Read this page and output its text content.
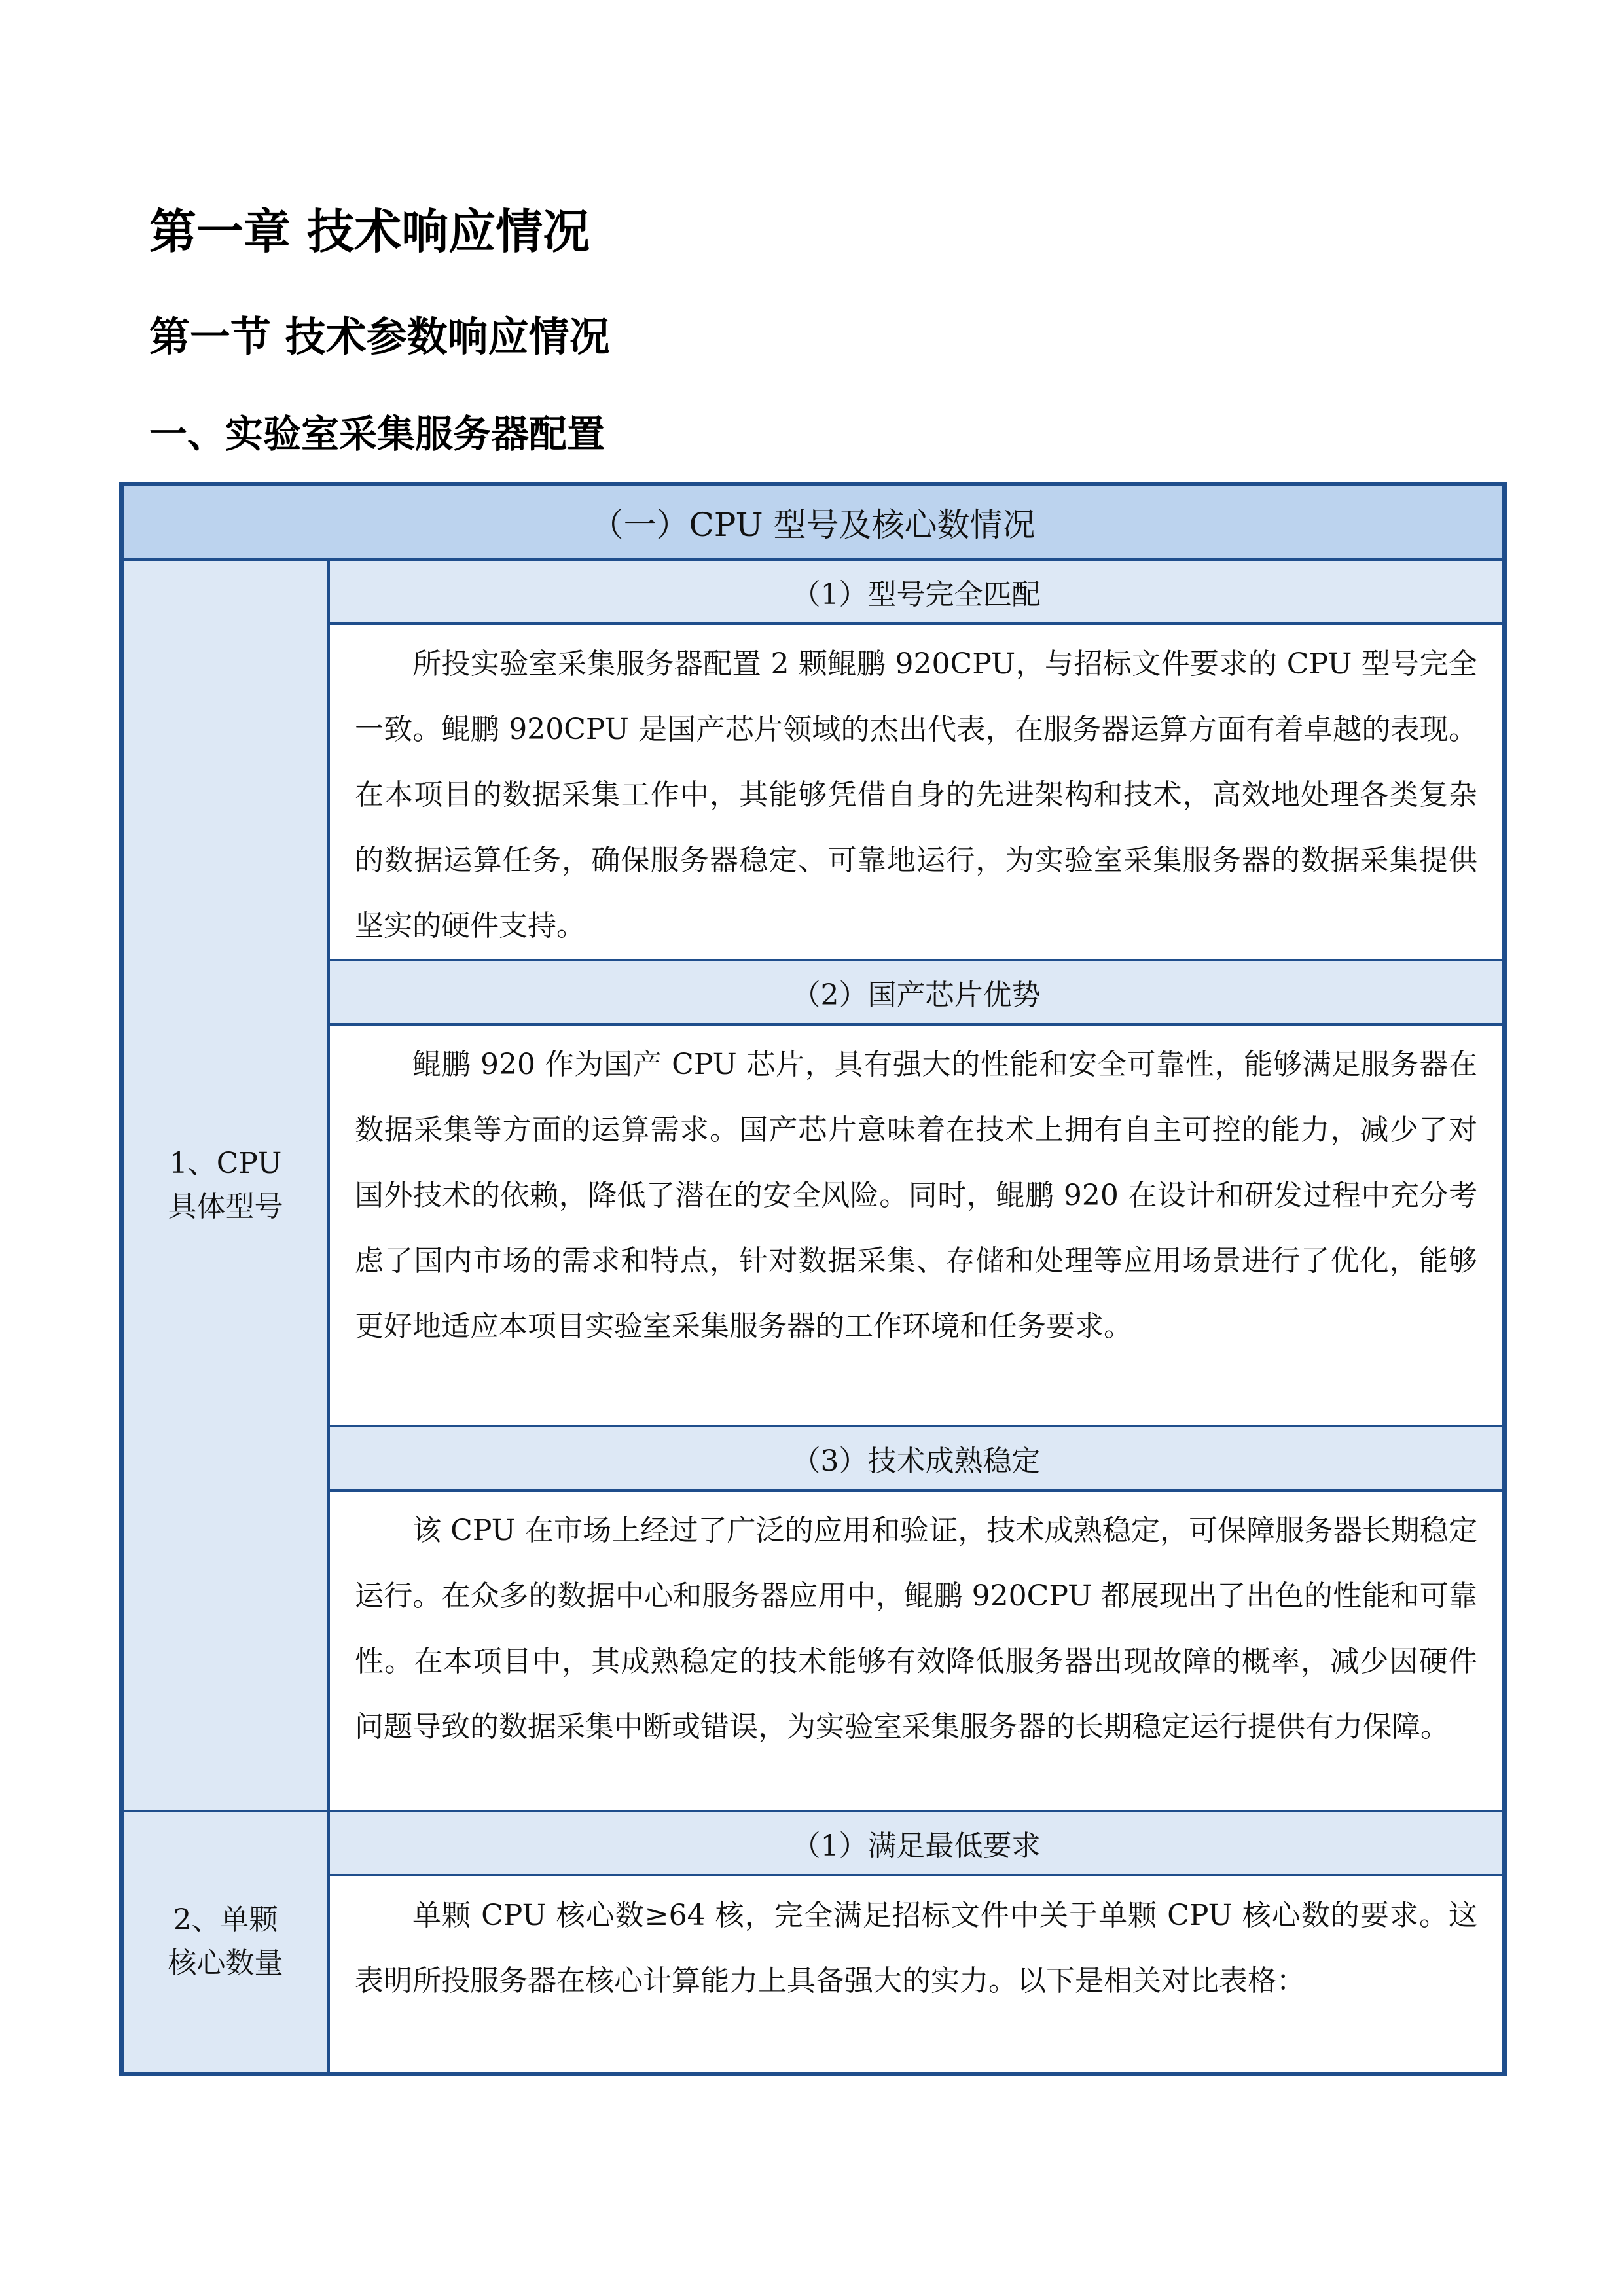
第一章 技术响应情况
第一节 技术参数响应情况
一、实验室采集服务器配置
（一）CPU 型号及核心数情况
1、CPU 具体型号
（1）型号完全匹配
所投实验室采集服务器配置 2 颗鲲鹏 920CPU，与招标文件要求的 CPU 型号完全一致。鲲鹏 920CPU 是国产芯片领域的杰出代表，在服务器运算方面有着卓越的表现。在本项目的数据采集工作中，其能够凭借自身的先进架构和技术，高效地处理各类复杂的数据运算任务，确保服务器稳定、可靠地运行，为实验室采集服务器的数据采集提供坚实的硬件支持。
（2）国产芯片优势
鲲鹏 920 作为国产 CPU 芯片，具有强大的性能和安全可靠性，能够满足服务器在数据采集等方面的运算需求。国产芯片意味着在技术上拥有自主可控的能力，减少了对国外技术的依赖，降低了潜在的安全风险。同时，鲲鹏 920 在设计和研发过程中充分考虑了国内市场的需求和特点，针对数据采集、存储和处理等应用场景进行了优化，能够更好地适应本项目实验室采集服务器的工作环境和任务要求。
（3）技术成熟稳定
该 CPU 在市场上经过了广泛的应用和验证，技术成熟稳定，可保障服务器长期稳定运行。在众多的数据中心和服务器应用中，鲲鹏 920CPU 都展现出了出色的性能和可靠性。在本项目中，其成熟稳定的技术能够有效降低服务器出现故障的概率，减少因硬件问题导致的数据采集中断或错误，为实验室采集服务器的长期稳定运行提供有力保障。
2、单颗核心数量
（1）满足最低要求
单颗 CPU 核心数≥64 核，完全满足招标文件中关于单颗 CPU 核心数的要求。这表明所投服务器在核心计算能力上具备强大的实力。以下是相关对比表格：
